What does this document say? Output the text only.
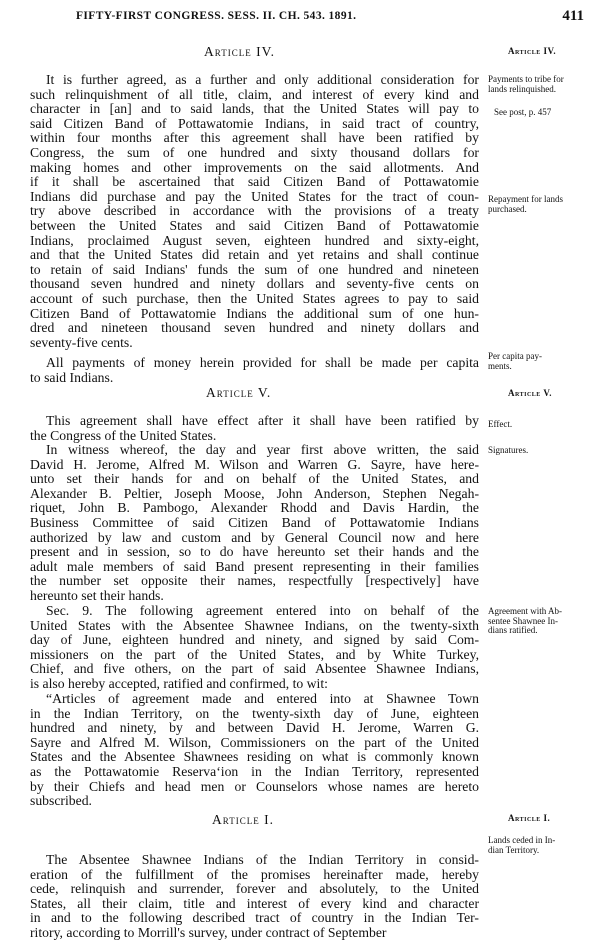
FIFTY-FIRST CONGRESS. SESS. II. CH. 543. 1891.	411
Article IV.	Article IV.
It is further agreed, as a further and only additional consideration for
such relinquishment of all title, claim, and interest of every kind and
character in [an] and to said lands, that the United States will pay to
said Citizen Band of Pottawatomie Indians, in said tract of country,
within four months after this agreement shall have been ratified by
Congress, the sum of one hundred and sixty thousand dollars for
making homes and other improvements on the said allotments. And
if it shall be ascertained that said Citizen Band of Pottawatomie
Indians did purchase and pay the United States for the tract of coun-
try above described in accordance with the provisions of a treaty
between the United States and said Citizen Band of Pottawatomie
Indians, proclaimed August seven, eighteen hundred and sixty-eight,
and that the United States did retain and yet retains and shall continue
to retain of said Indians' funds the sum of one hundred and nineteen
thousand seven hundred and ninety dollars and seventy-five cents on
account of such purchase, then the United States agrees to pay to said
Citizen Band of Pottawatomie Indians the additional sum of one hun-
dred and nineteen thousand seven hundred and ninety dollars and
seventy-five cents.
All payments of money herein provided for shall be made per capita
to said Indians.
Payments to tribe for
lands relinquished.
See post, p. 457
Repayment for lands
purchased.
Per capita pay-
ments.
Article V.	Article V.
This agreement shall have effect after it shall have been ratified by
the Congress of the United States.
In witness whereof, the day and year first above written, the said
David H. Jerome, Alfred M. Wilson and Warren G. Sayre, have here-
unto set their hands for and on behalf of the United States, and
Alexander B. Peltier, Joseph Moose, John Anderson, Stephen Negah-
riquet, John B. Pambogo, Alexander Rhodd and Davis Hardin, the
Business Committee of said Citizen Band of Pottawatomie Indians
authorized by law and custom and by General Council now and here
present and in session, so to do have hereunto set their hands and the
adult male members of said Band present representing in their families
the number set opposite their names, respectfully [respectively] have
hereunto set their hands.
Effect.
Signatures.
Sec. 9. The following agreement entered into on behalf of the
United States with the Absentee Shawnee Indians, on the twenty-sixth
day of June, eighteen hundred and ninety, and signed by said Com-
missioners on the part of the United States, and by White Turkey,
Chief, and five others, on the part of said Absentee Shawnee Indians,
is also hereby accepted, ratified and confirmed, to wit:
“Articles of agreement made and entered into at Shawnee Town
in the Indian Territory, on the twenty-sixth day of June, eighteen
hundred and ninety, by and between David H. Jerome, Warren G.
Sayre and Alfred M. Wilson, Commissioners on the part of the United
States and the Absentee Shawnees residing on what is commonly known
as the Pottawatomie Reserva‘ion in the Indian Territory, represented
by their Chiefs and head men or Counselors whose names are hereto
subscribed.
Agreement with Ab-
sentee Shawnee In-
dians ratified.
Article I.	Article I.
The Absentee Shawnee Indians of the Indian Territory in consid-
eration of the fulfillment of the promises hereinafter made, hereby
cede, relinquish and surrender, forever and absolutely, to the United
States, all their claim, title and interest of every kind and character
in and to the following described tract of country in the Indian Ter-
ritory, according to Morrill's survey, under contract of September
Lands ceded in In-
dian Territory.
